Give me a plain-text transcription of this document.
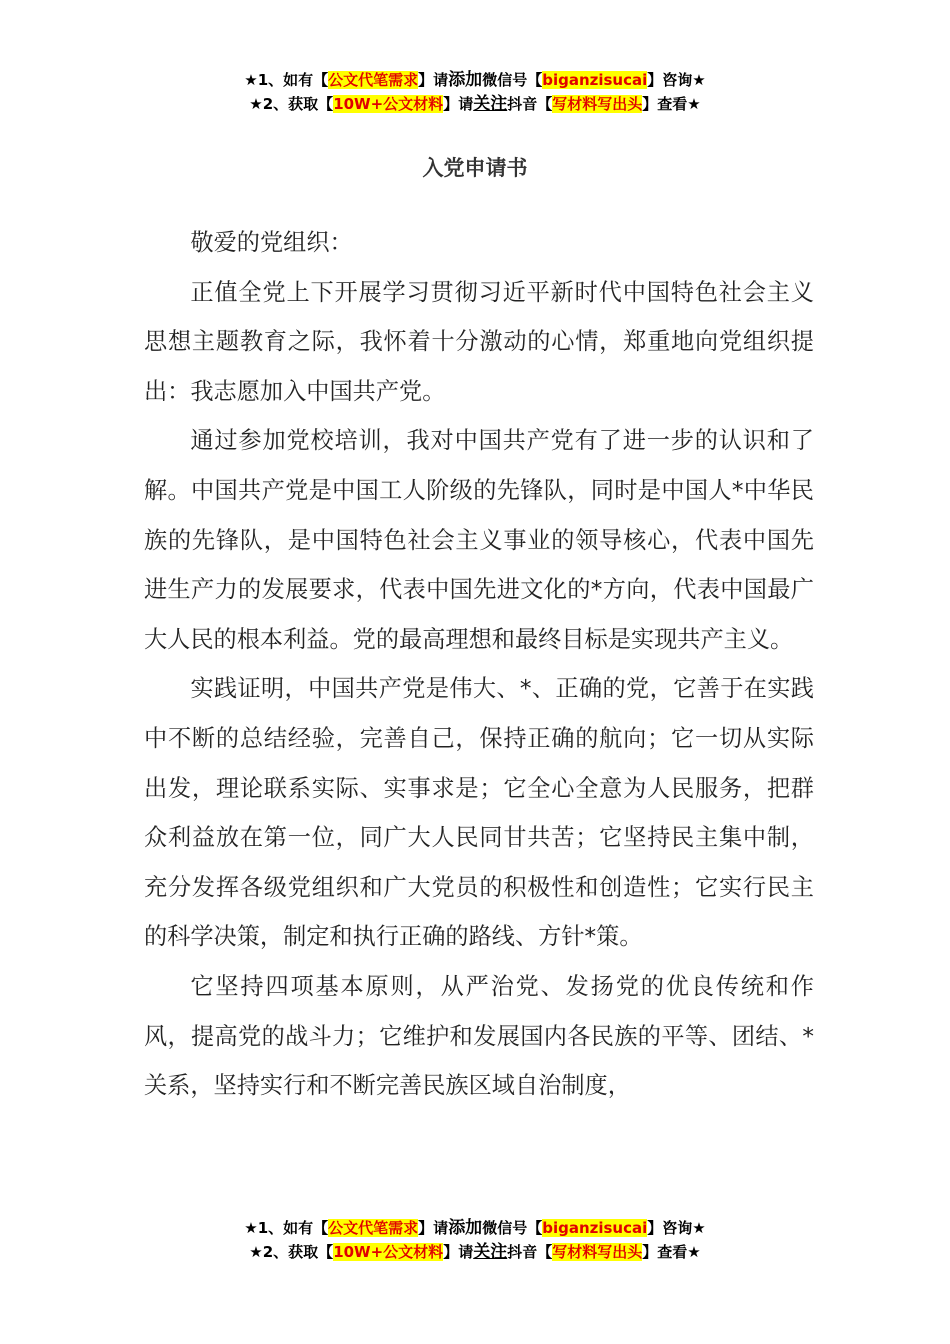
★1、如有【公文代笔需求】请添加微信号【biganzisucai】咨询★
★2、获取【10W+公文材料】请关注抖音【写材料写出头】查看★
入党申请书

敬爱的党组织：

正值全党上下开展学习贯彻习近平新时代中国特色社会主义思想主题教育之际，我怀着十分激动的心情，郑重地向党组织提出：我志愿加入中国共产党。

通过参加党校培训，我对中国共产党有了进一步的认识和了解。中国共产党是中国工人阶级的先锋队，同时是中国人*中华民族的先锋队，是中国特色社会主义事业的领导核心，代表中国先进生产力的发展要求，代表中国先进文化的*方向，代表中国最广大人民的根本利益。党的最高理想和最终目标是实现共产主义。

实践证明，中国共产党是伟大、*、正确的党，它善于在实践中不断的总结经验，完善自己，保持正确的航向；它一切从实际出发，理论联系实际、实事求是；它全心全意为人民服务，把群众利益放在第一位，同广大人民同甘共苦；它坚持民主集中制，充分发挥各级党组织和广大党员的积极性和创造性；它实行民主的科学决策，制定和执行正确的路线、方针*策。

它坚持四项基本原则，从严治党、发扬党的优良传统和作风，提高党的战斗力；它维护和发展国内各民族的平等、团结、*关系，坚持实行和不断完善民族区域自治制度，

★1、如有【公文代笔需求】请添加微信号【biganzisucai】咨询★
★2、获取【10W+公文材料】请关注抖音【写材料写出头】查看★
